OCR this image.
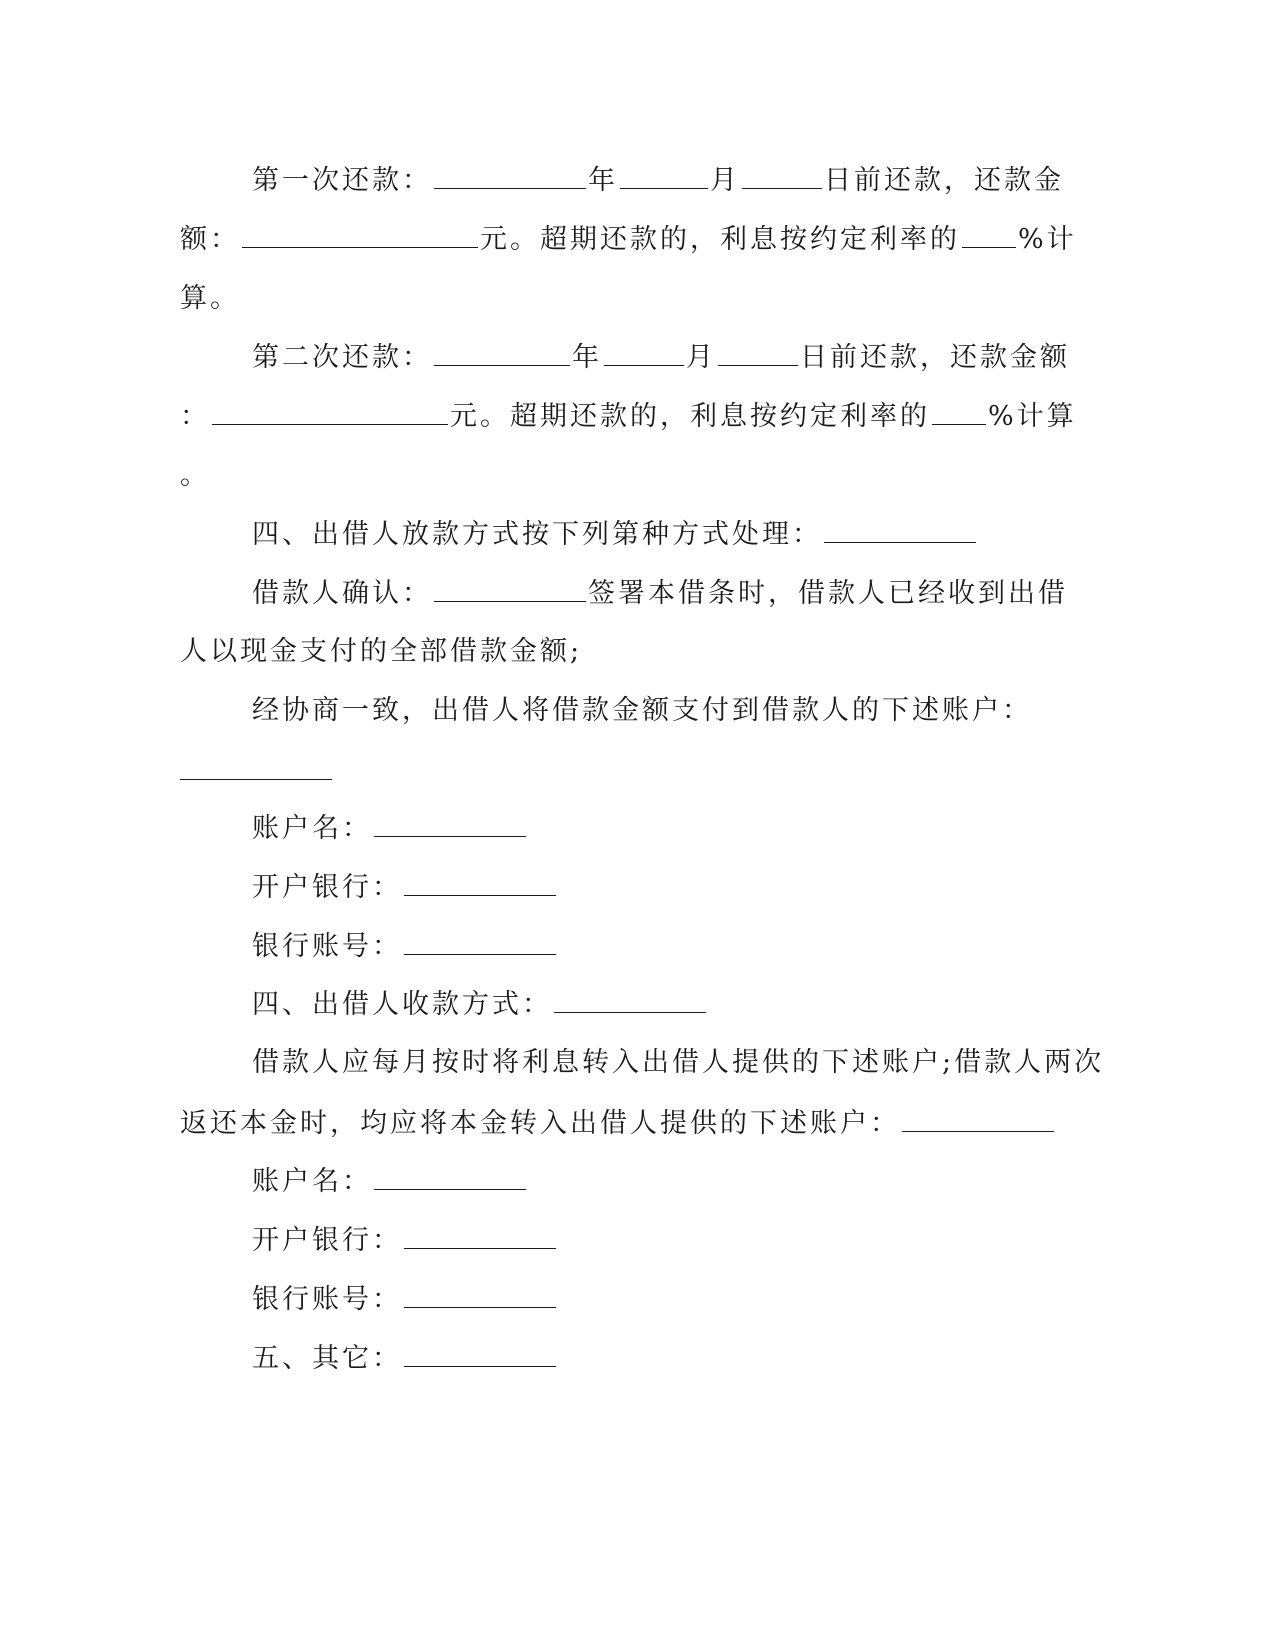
第一次还款：	年	月	日前还款，还款金
额：	元。超期还款的，利息按约定利率的 %计
算。
第二次还款：	年	月	日前还款，还款金额
：	元。超期还款的，利息按约定利率的 %计算
。
四、出借人放款方式按下列第种方式处理：
借款人确认：	签署本借条时，借款人已经收到出借
人以现金支付的全部借款金额;
经协商一致，出借人将借款金额支付到借款人的下述账户：
账户名：
开户银行：
银行账号：
四、出借人收款方式：
借款人应每月按时将利息转入出借人提供的下述账户;借款人两次
返还本金时，均应将本金转入出借人提供的下述账户：
账户名：
开户银行：
银行账号：
五、其它：
